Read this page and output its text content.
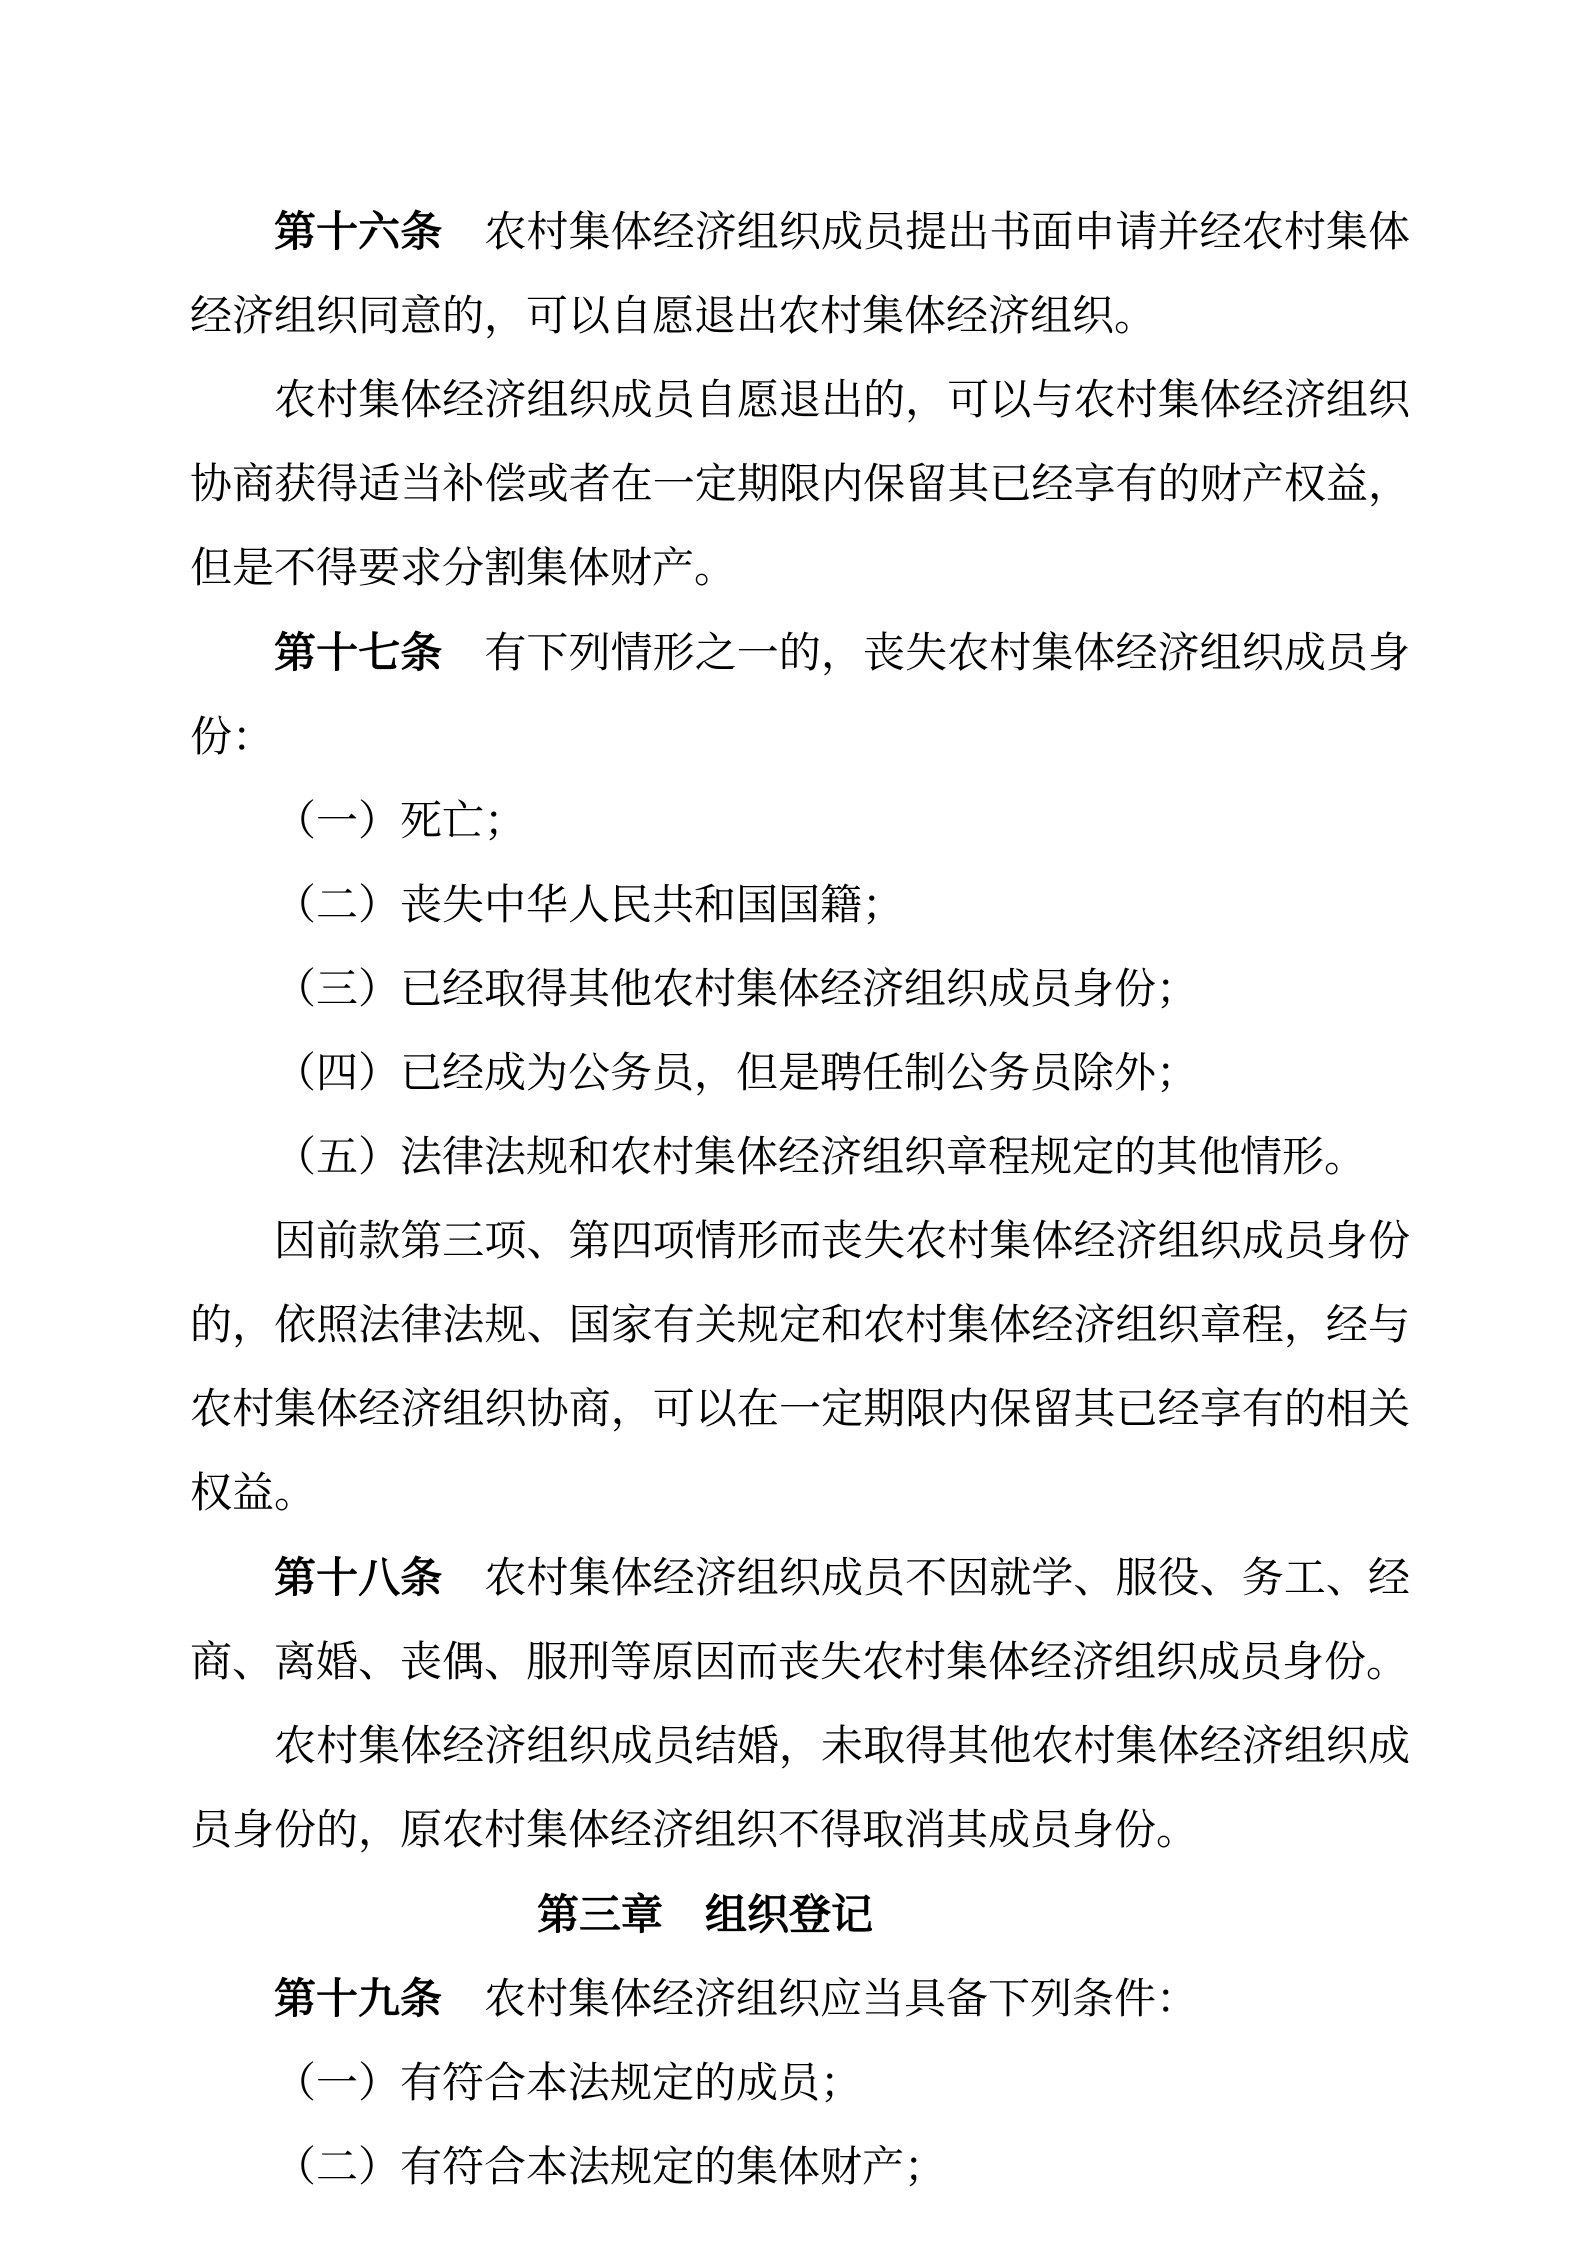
第十六条 农村集体经济组织成员提出书面申请并经农村集体经济组织同意的，可以自愿退出农村集体经济组织。

农村集体经济组织成员自愿退出的，可以与农村集体经济组织协商获得适当补偿或者在一定期限内保留其已经享有的财产权益，但是不得要求分割集体财产。

第十七条 有下列情形之一的，丧失农村集体经济组织成员身份：

（一）死亡；

（二）丧失中华人民共和国国籍；

（三）已经取得其他农村集体经济组织成员身份；

（四）已经成为公务员，但是聘任制公务员除外；

（五）法律法规和农村集体经济组织章程规定的其他情形。

因前款第三项、第四项情形而丧失农村集体经济组织成员身份的，依照法律法规、国家有关规定和农村集体经济组织章程，经与农村集体经济组织协商，可以在一定期限内保留其已经享有的相关权益。

第十八条 农村集体经济组织成员不因就学、服役、务工、经商、离婚、丧偶、服刑等原因而丧失农村集体经济组织成员身份。

农村集体经济组织成员结婚，未取得其他农村集体经济组织成员身份的，原农村集体经济组织不得取消其成员身份。

第三章 组织登记

第十九条 农村集体经济组织应当具备下列条件：

（一）有符合本法规定的成员；

（二）有符合本法规定的集体财产；
